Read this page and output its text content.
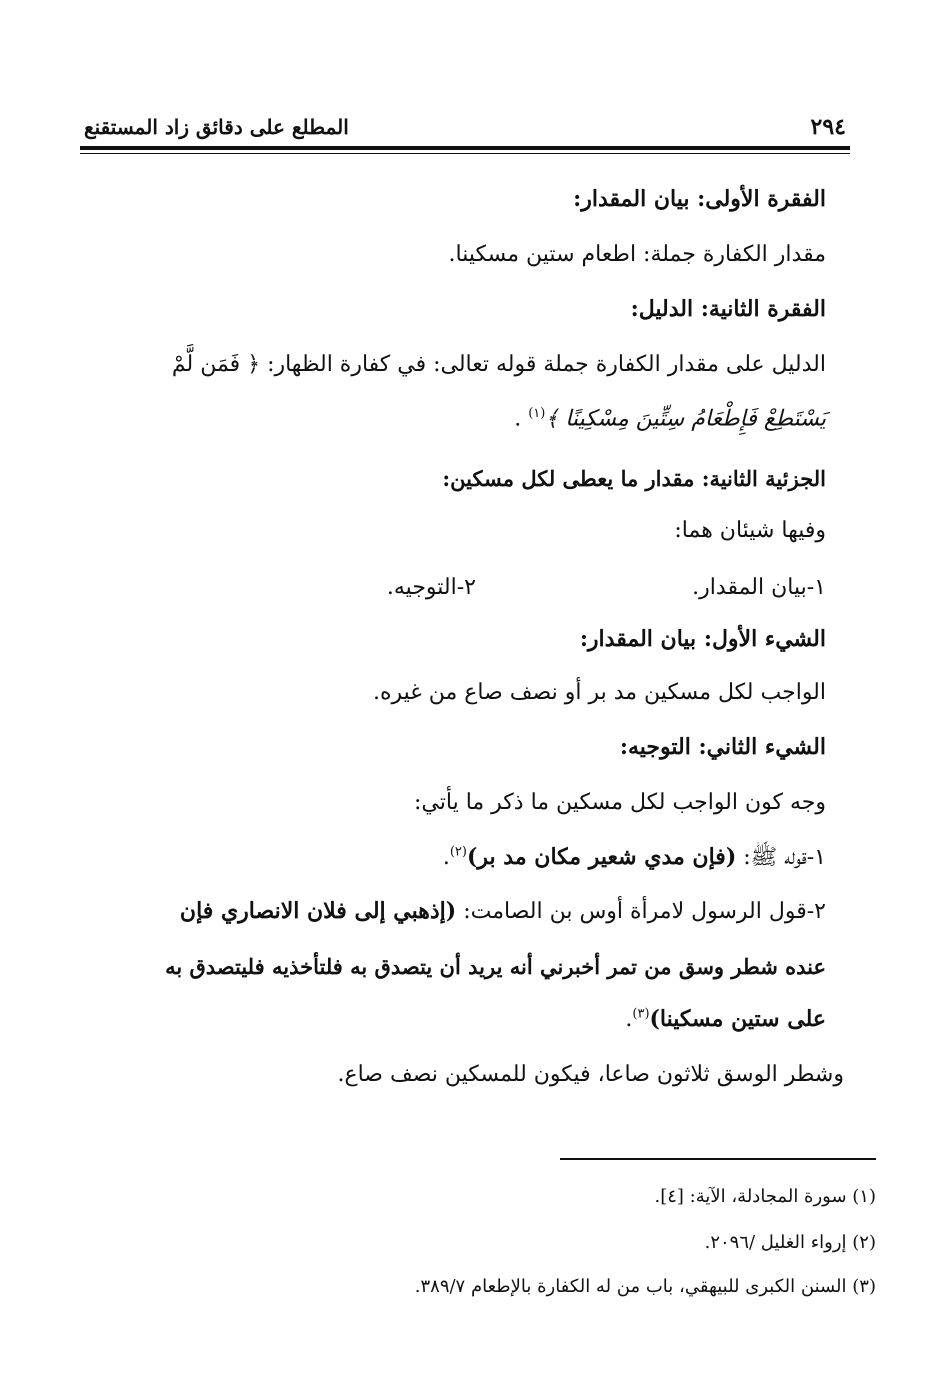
٢٩٤
المطلع على دقائق زاد المستقنع
الفقرة الأولى: بيان المقدار:
مقدار الكفارة جملة: اطعام ستين مسكينا.
الفقرة الثانية: الدليل:
الدليل على مقدار الكفارة جملة قوله تعالى: في كفارة الظهار: ﴿ فَمَن لَّمْ
يَسْتَطِعْ فَإِطْعَامُ سِتِّينَ مِسْكِينًا ﴾$^{(١)}$ .
الجزئية الثانية: مقدار ما يعطى لكل مسكين:
وفيها شيئان هما:
١-بيان المقدار.
٢-التوجيه.
الشيء الأول: بيان المقدار:
الواجب لكل مسكين مد بر أو نصف صاع من غيره.
الشيء الثاني: التوجيه:
وجه كون الواجب لكل مسكين ما ذكر ما يأتي:
١-قوله ﷺ: (فإن مدي شعير مكان مد بر)$^{(٢)}$.
٢-قول الرسول لامرأة أوس بن الصامت: (إذهبي إلى فلان الانصاري فإن
عنده شطر وسق من تمر أخبرني أنه يريد أن يتصدق به فلتأخذيه فليتصدق به
على ستين مسكينا)$^{(٣)}$.
وشطر الوسق ثلاثون صاعا، فيكون للمسكين نصف صاع.
(١) سورة المجادلة، الآية: [٤].
(٢) إرواء الغليل /٢٠٩٦.
(٣) السنن الكبرى للبيهقي، باب من له الكفارة بالإطعام ٣٨٩/٧.
